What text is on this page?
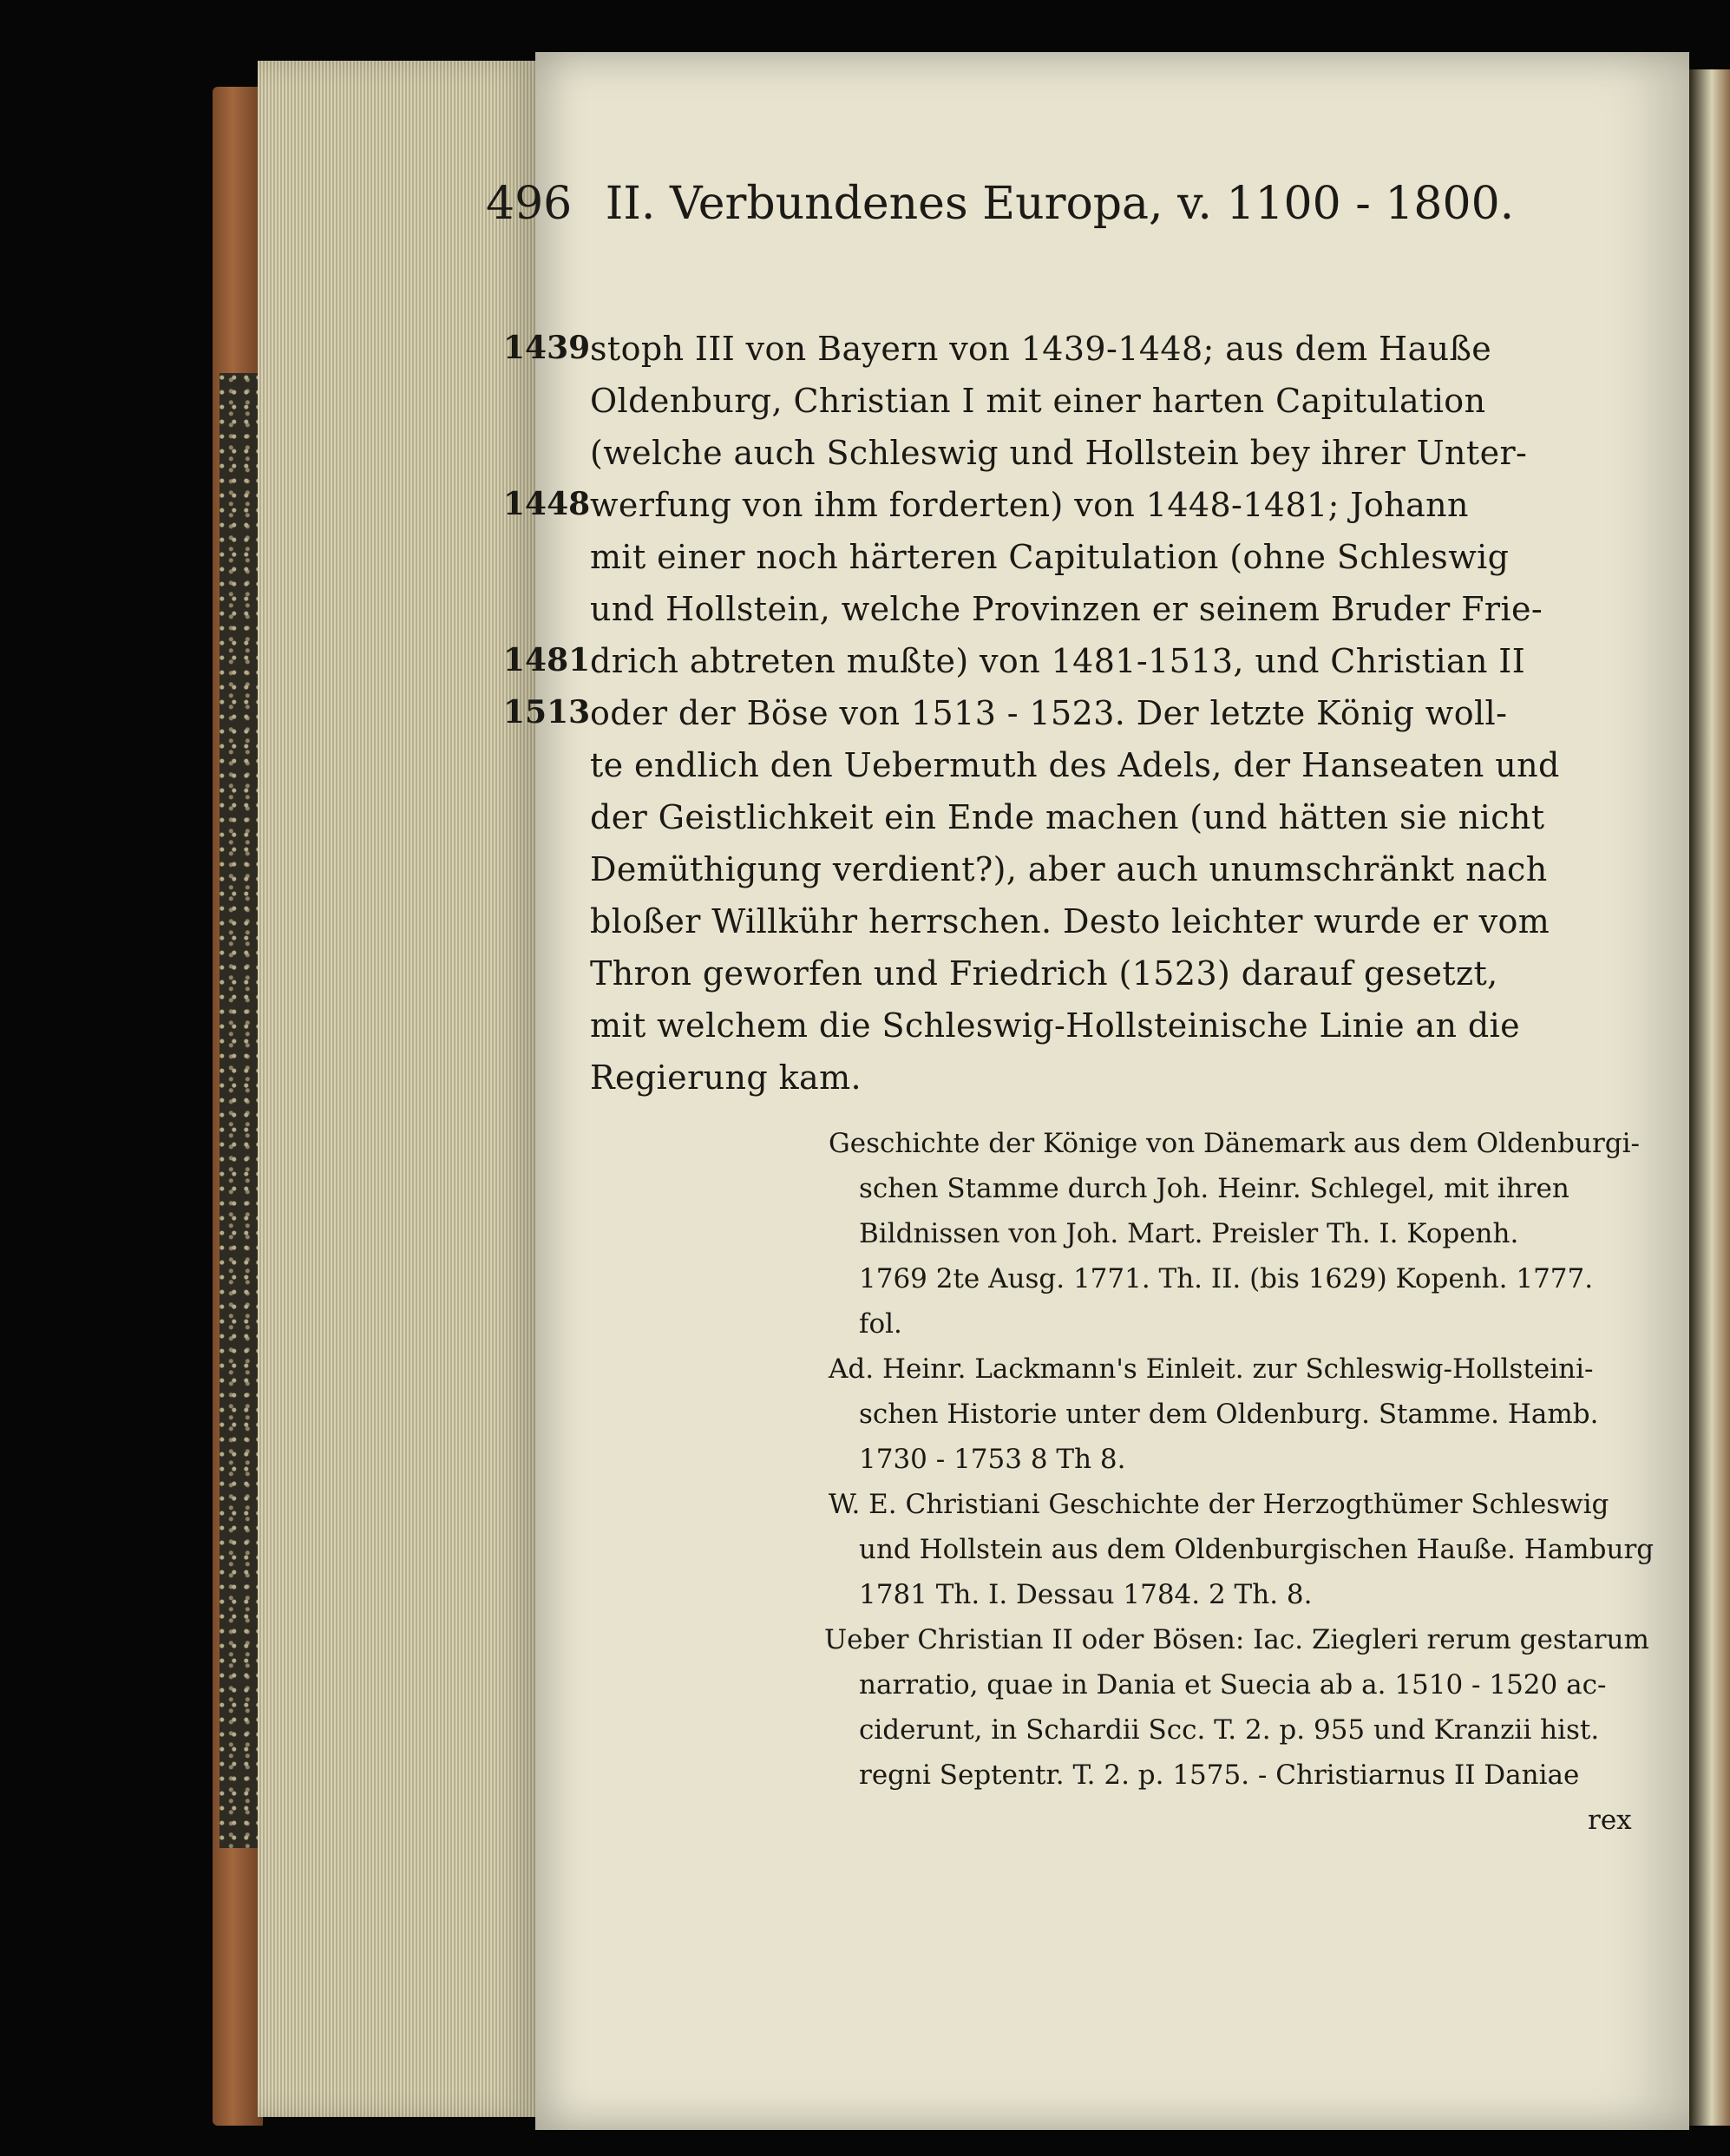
496 II. Verbundenes Europa, v. 1100 - 1800.
1439 stoph III von Bayern von 1439-1448; aus dem Hauße
Oldenburg, Christian I mit einer harten Capitulation
(welche auch Schleswig und Hollstein bey ihrer Unter-
1448 werfung von ihm forderten) von 1448-1481; Johann
mit einer noch härteren Capitulation (ohne Schleswig
und Hollstein, welche Provinzen er seinem Bruder Frie-
1481 drich abtreten mußte) von 1481-1513, und Christian II
1513 oder der Böse von 1513 - 1523. Der letzte König woll-
te endlich den Uebermuth des Adels, der Hanseaten und
der Geistlichkeit ein Ende machen (und hätten sie nicht
Demüthigung verdient?), aber auch unumschränkt nach
bloßer Willkühr herrschen. Desto leichter wurde er vom
Thron geworfen und Friedrich (1523) darauf gesetzt,
mit welchem die Schleswig-Hollsteinische Linie an die
Regierung kam.
Geschichte der Könige von Dänemark aus dem Oldenburgi-
schen Stamme durch Joh. Heinr. Schlegel, mit ihren
Bildnissen von Joh. Mart. Preisler Th. I. Kopenh.
1769 2te Ausg. 1771. Th. II. (bis 1629) Kopenh. 1777.
fol.
Ad. Heinr. Lackmann's Einleit. zur Schleswig-Hollsteini-
schen Historie unter dem Oldenburg. Stamme. Hamb.
1730 - 1753 8 Th 8.
W. E. Christiani Geschichte der Herzogthümer Schleswig
und Hollstein aus dem Oldenburgischen Hauße. Hamburg
1781 Th. I. Dessau 1784. 2 Th. 8.
Ueber Christian II oder Bösen: Iac. Ziegleri rerum gestarum
narratio, quae in Dania et Suecia ab a. 1510 - 1520 ac-
ciderunt, in Schardii Scc. T. 2. p. 955 und Kranzii hist.
regni Septentr. T. 2. p. 1575. - Christiarnus II Daniae
rex
